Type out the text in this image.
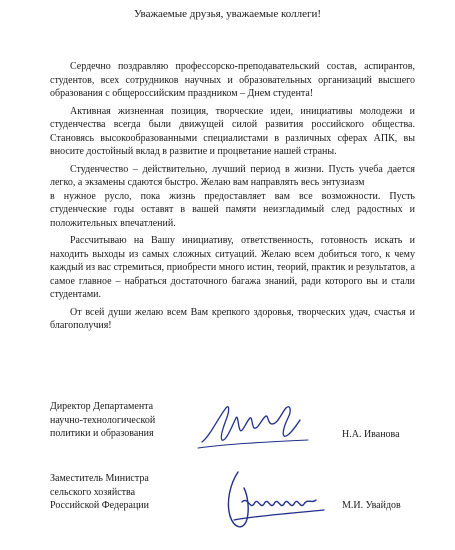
Уважаемые друзья, уважаемые коллеги!

Сердечно поздравляю профессорско-преподавательский состав, аспирантов, студентов, всех сотрудников научных и образовательных организаций высшего образования с общероссийским праздником – Днем студента!

Активная жизненная позиция, творческие идеи, инициативы молодежи и студенчества всегда были движущей силой развития российского общества. Становясь высокообразованными специалистами в различных сферах АПК, вы вносите достойный вклад в развитие и процветание нашей страны.

Студенчество – действительно, лучший период в жизни. Пусть учеба дается легко, а экзамены сдаются быстро. Желаю вам направлять весь энтузиазм

в нужное русло, пока жизнь предоставляет вам все возможности. Пусть студенческие годы оставят в вашей памяти неизгладимый след радостных и положительных впечатлений.

Рассчитываю на Вашу инициативу, ответственность, готовность искать и находить выходы из самых сложных ситуаций. Желаю всем добиться того, к чему каждый из вас стремиться, приобрести много истин, теорий, практик и результатов, а самое главное – набраться достаточного багажа знаний, ради которого вы и стали студентами.

От всей души желаю всем Вам крепкого здоровья, творческих удач, счастья и благополучия!

Директор Департамента
научно-технологической
политики и образования	Н.А. Иванова
Заместитель Министра
сельского хозяйства
Российской Федерации	М.И. Увайдов
